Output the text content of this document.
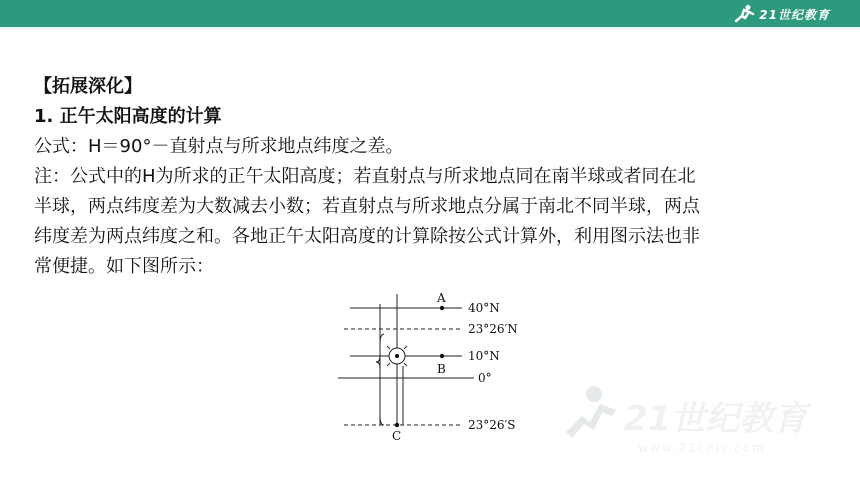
21世纪教育
【拓展深化】
1. 正午太阳高度的计算
公式：H＝90°－直射点与所求地点纬度之差。
注：公式中的H为所求的正午太阳高度；若直射点与所求地点同在南半球或者同在北
半球，两点纬度差为大数减去小数；若直射点与所求地点分属于南北不同半球，两点
纬度差为两点纬度之和。各地正午太阳高度的计算除按公式计算外，利用图示法也非
常便捷。如下图所示：
A
B
C
40°N
23°26′N
10°N
0°
23°26′S	21世纪教育
www.21cnjy.com
